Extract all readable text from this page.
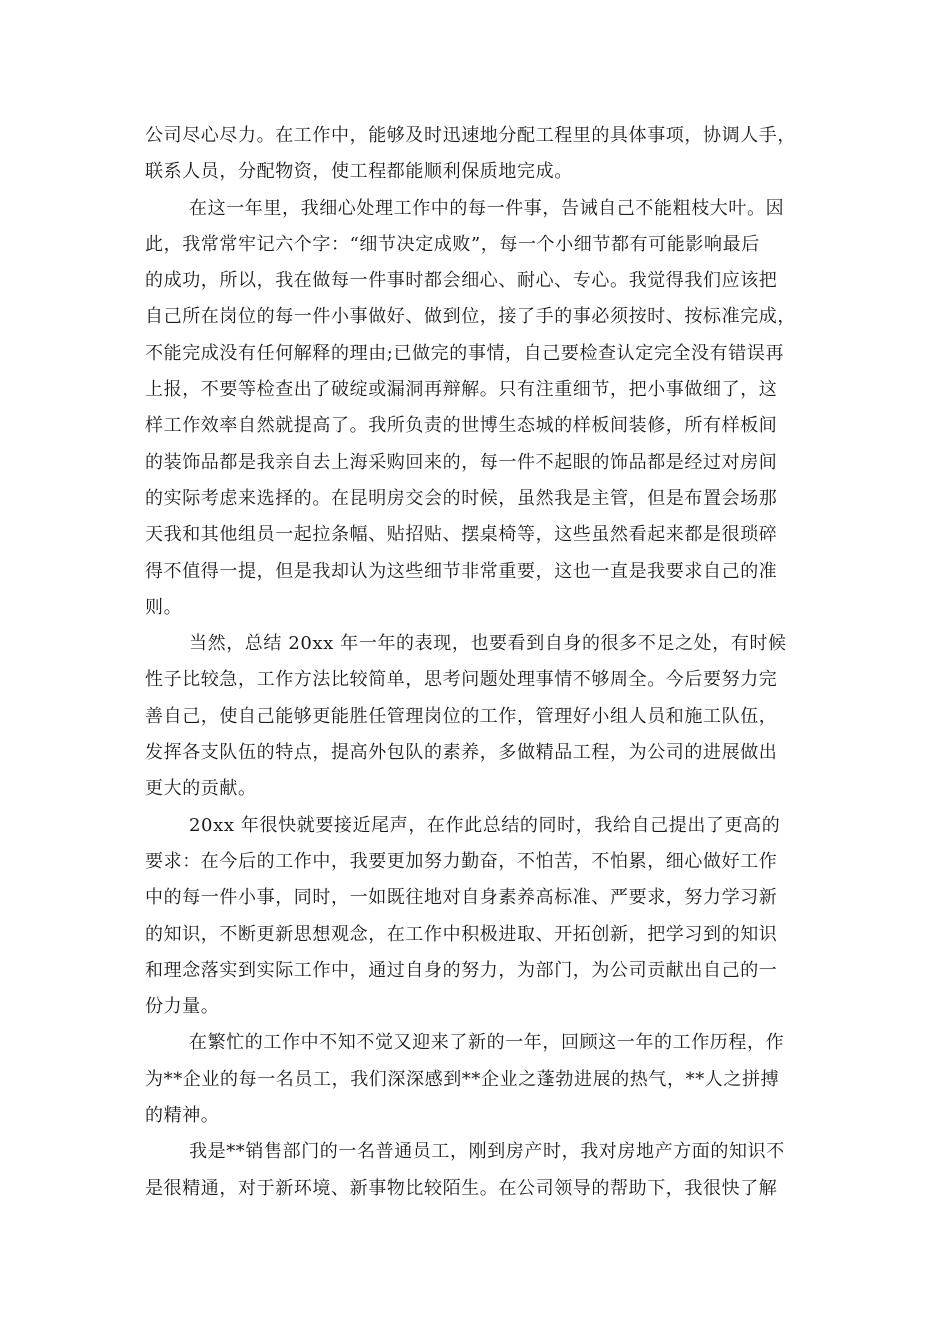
公司尽心尽力。在工作中，能够及时迅速地分配工程里的具体事项，协调人手，
联系人员，分配物资，使工程都能顺利保质地完成。
在这一年里，我细心处理工作中的每一件事，告诫自己不能粗枝大叶。因
此，我常常牢记六个字：“细节决定成败”，每一个小细节都有可能影响最后
的成功，所以，我在做每一件事时都会细心、耐心、专心。我觉得我们应该把
自己所在岗位的每一件小事做好、做到位，接了手的事必须按时、按标准完成，
不能完成没有任何解释的理由;已做完的事情，自己要检查认定完全没有错误再
上报，不要等检查出了破绽或漏洞再辩解。只有注重细节，把小事做细了，这
样工作效率自然就提高了。我所负责的世博生态城的样板间装修，所有样板间
的装饰品都是我亲自去上海采购回来的，每一件不起眼的饰品都是经过对房间
的实际考虑来选择的。在昆明房交会的时候，虽然我是主管，但是布置会场那
天我和其他组员一起拉条幅、贴招贴、摆桌椅等，这些虽然看起来都是很琐碎
得不值得一提，但是我却认为这些细节非常重要，这也一直是我要求自己的准
则。
当然，总结 20xx 年一年的表现，也要看到自身的很多不足之处，有时候
性子比较急，工作方法比较简单，思考问题处理事情不够周全。今后要努力完
善自己，使自己能够更能胜任管理岗位的工作，管理好小组人员和施工队伍，
发挥各支队伍的特点，提高外包队的素养，多做精品工程，为公司的进展做出
更大的贡献。
20xx 年很快就要接近尾声，在作此总结的同时，我给自己提出了更高的
要求：在今后的工作中，我要更加努力勤奋，不怕苦，不怕累，细心做好工作
中的每一件小事，同时，一如既往地对自身素养高标准、严要求，努力学习新
的知识，不断更新思想观念，在工作中积极进取、开拓创新，把学习到的知识
和理念落实到实际工作中，通过自身的努力，为部门，为公司贡献出自己的一
份力量。
在繁忙的工作中不知不觉又迎来了新的一年，回顾这一年的工作历程，作
为**企业的每一名员工，我们深深感到**企业之蓬勃进展的热气，**人之拼搏
的精神。
我是**销售部门的一名普通员工，刚到房产时，我对房地产方面的知识不
是很精通，对于新环境、新事物比较陌生。在公司领导的帮助下，我很快了解
